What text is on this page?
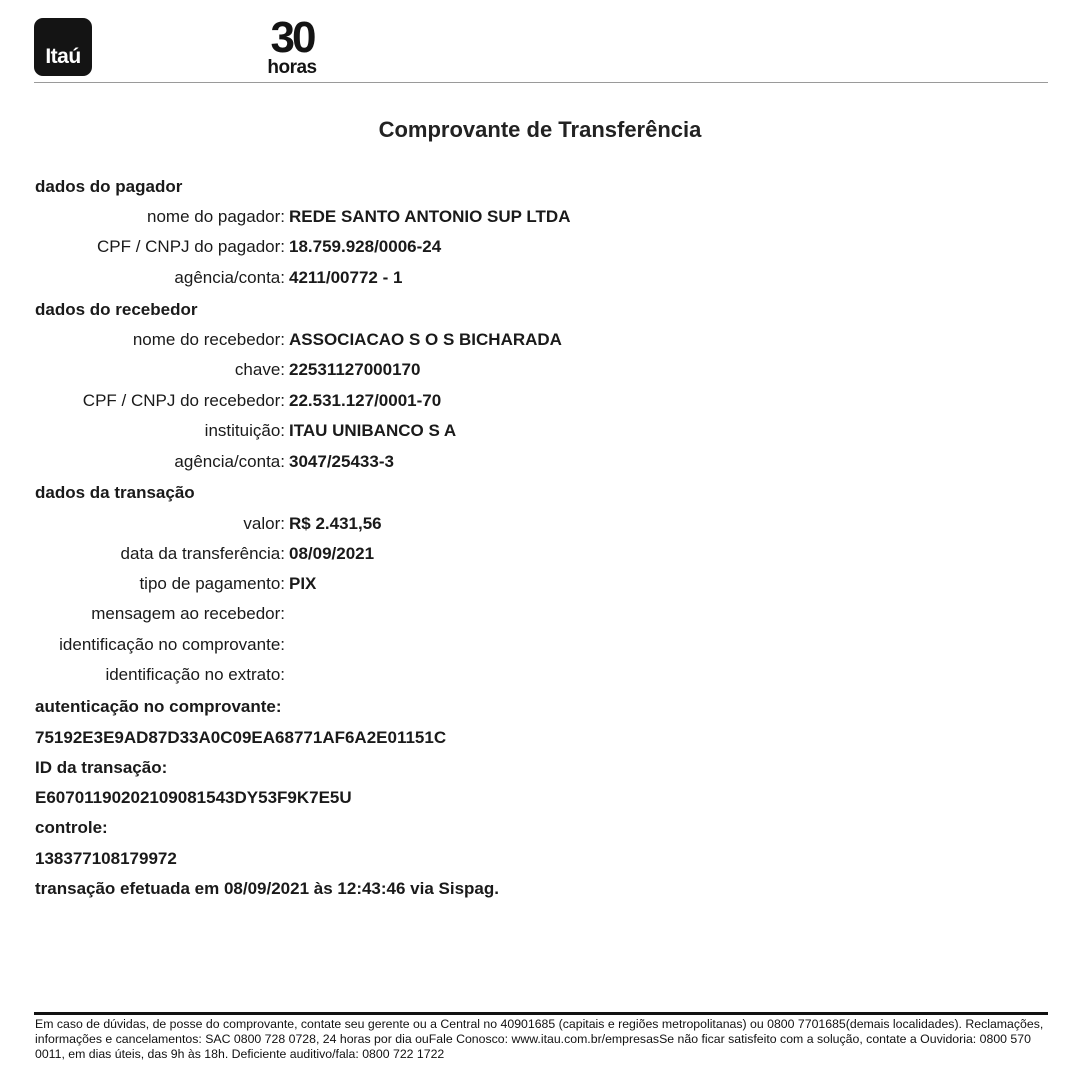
Itaú	30
horas
Comprovante de Transferência
dados do pagador
nome do pagador: REDE SANTO ANTONIO SUP LTDA
CPF / CNPJ do pagador: 18.759.928/0006-24
agência/conta: 4211/00772 - 1
dados do recebedor
nome do recebedor: ASSOCIACAO S O S BICHARADA
chave: 22531127000170
CPF / CNPJ do recebedor: 22.531.127/0001-70
instituição: ITAU UNIBANCO S A
agência/conta: 3047/25433-3
dados da transação
valor: R$ 2.431,56
data da transferência: 08/09/2021
tipo de pagamento: PIX
mensagem ao recebedor:
identificação no comprovante:
identificação no extrato:
autenticação no comprovante:
75192E3E9AD87D33A0C09EA68771AF6A2E01151C
ID da transação:
E60701190202109081543DY53F9K7E5U
controle:
138377108179972
transação efetuada em 08/09/2021 às 12:43:46 via Sispag.
Em caso de dúvidas, de posse do comprovante, contate seu gerente ou a Central no 40901685 (capitais e regiões metropolitanas) ou 0800 7701685(demais localidades). Reclamações, informações e cancelamentos: SAC 0800 728 0728, 24 horas por dia ouFale Conosco: www.itau.com.br/empresasSe não ficar satisfeito com a solução, contate a Ouvidoria: 0800 570 0011, em dias úteis, das 9h às 18h. Deficiente auditivo/fala: 0800 722 1722
